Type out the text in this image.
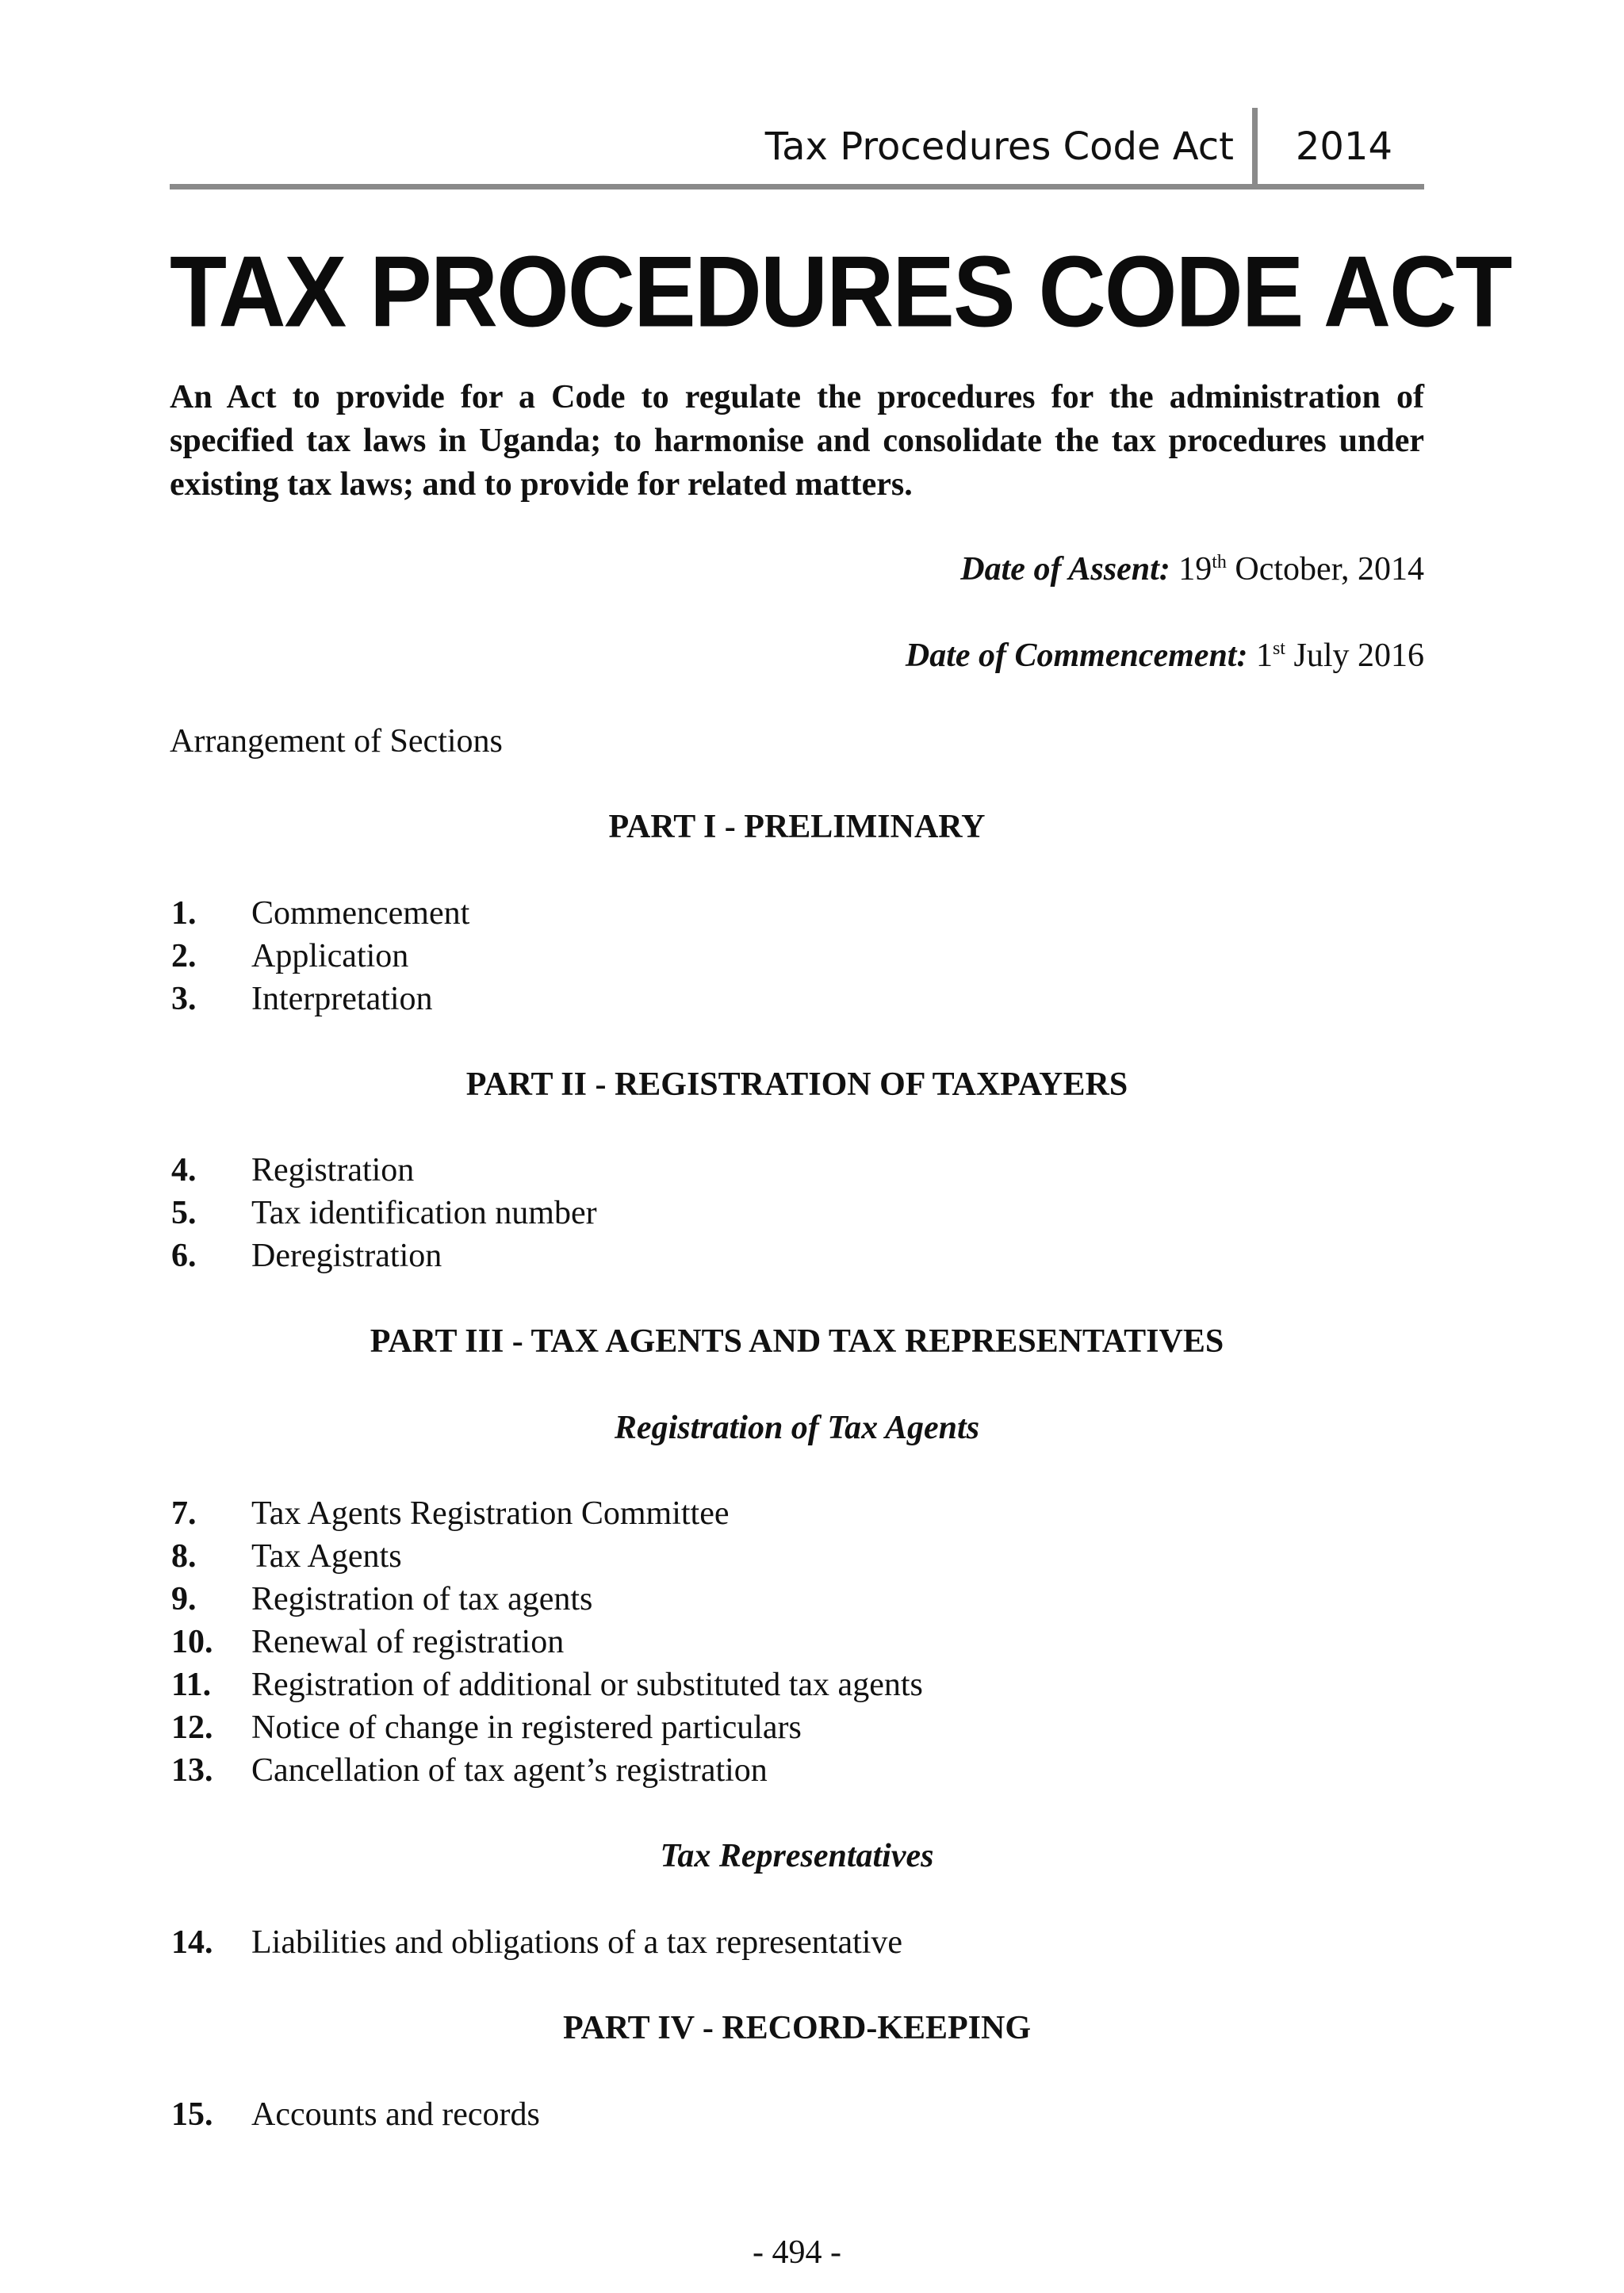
Tax Procedures Code Act 2014
TAX PROCEDURES CODE ACT
An Act to provide for a Code to regulate the procedures for the administration of specified tax laws in Uganda; to harmonise and consolidate the tax procedures under existing tax laws; and to provide for related matters.
Date of Assent: 19th October, 2014
Date of Commencement: 1st July 2016
Arrangement of Sections
PART I - PRELIMINARY
1. Commencement
2. Application
3. Interpretation
PART II - REGISTRATION OF TAXPAYERS
4. Registration
5. Tax identification number
6. Deregistration
PART III - TAX AGENTS AND TAX REPRESENTATIVES
Registration of Tax Agents
7. Tax Agents Registration Committee
8. Tax Agents
9. Registration of tax agents
10. Renewal of registration
11. Registration of additional or substituted tax agents
12. Notice of change in registered particulars
13. Cancellation of tax agent’s registration
Tax Representatives
14. Liabilities and obligations of a tax representative
PART IV - RECORD-KEEPING
15. Accounts and records
- 494 -
